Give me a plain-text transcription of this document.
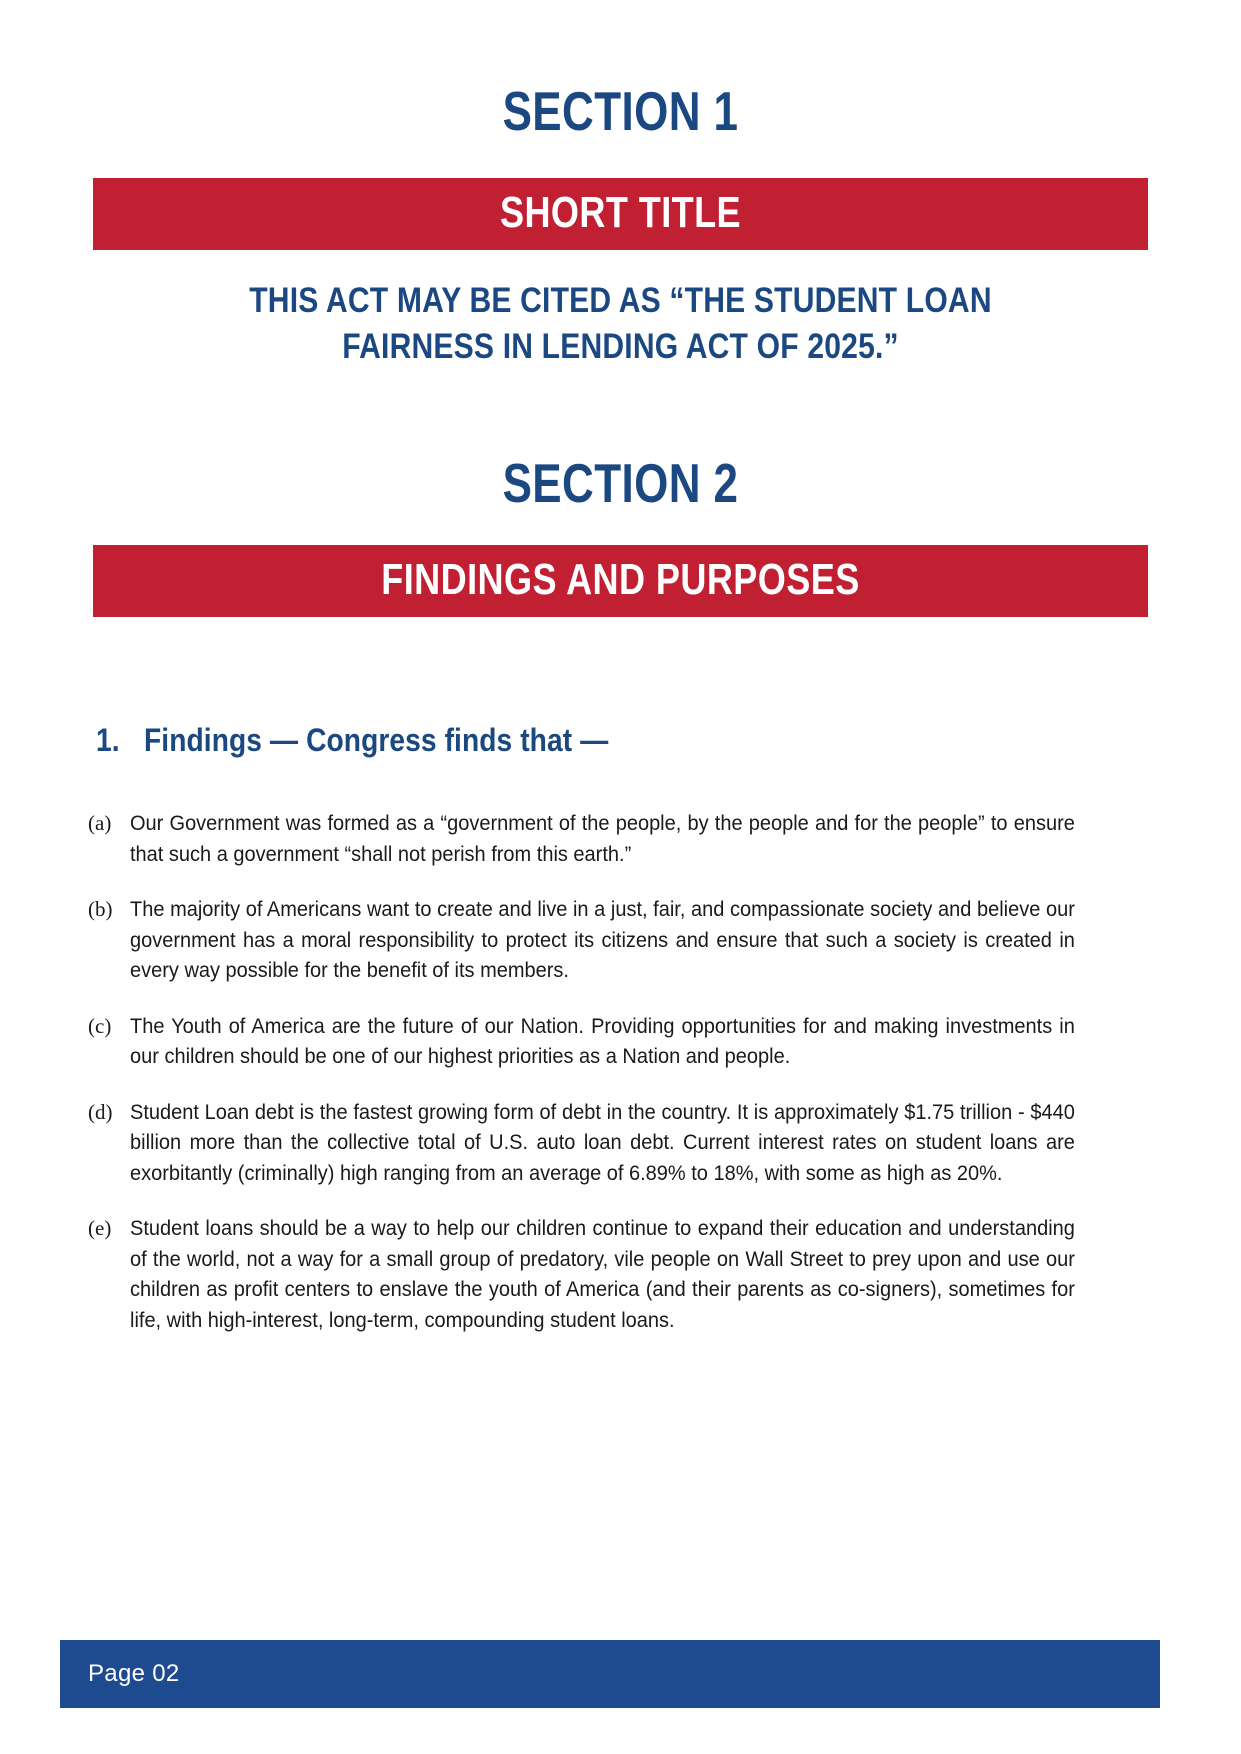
SECTION 1
SHORT TITLE
THIS ACT MAY BE CITED AS “THE STUDENT LOAN
FAIRNESS IN LENDING ACT OF 2025.”
SECTION 2
FINDINGS AND PURPOSES
1. Findings — Congress finds that —
(a) Our Government was formed as a “government of the people, by the people and for the people” to ensure that such a government “shall not perish from this earth.”
(b) The majority of Americans want to create and live in a just, fair, and compassionate society and believe our government has a moral responsibility to protect its citizens and ensure that such a society is created in every way possible for the benefit of its members.
(c) The Youth of America are the future of our Nation. Providing opportunities for and making investments in our children should be one of our highest priorities as a Nation and people.
(d) Student Loan debt is the fastest growing form of debt in the country. It is approximately $1.75 trillion - $440 billion more than the collective total of U.S. auto loan debt. Current interest rates on student loans are exorbitantly (criminally) high ranging from an average of 6.89% to 18%, with some as high as 20%.
(e) Student loans should be a way to help our children continue to expand their education and understanding of the world, not a way for a small group of predatory, vile people on Wall Street to prey upon and use our children as profit centers to enslave the youth of America (and their parents as co-signers), sometimes for life, with high-interest, long-term, compounding student loans.
Page 02
